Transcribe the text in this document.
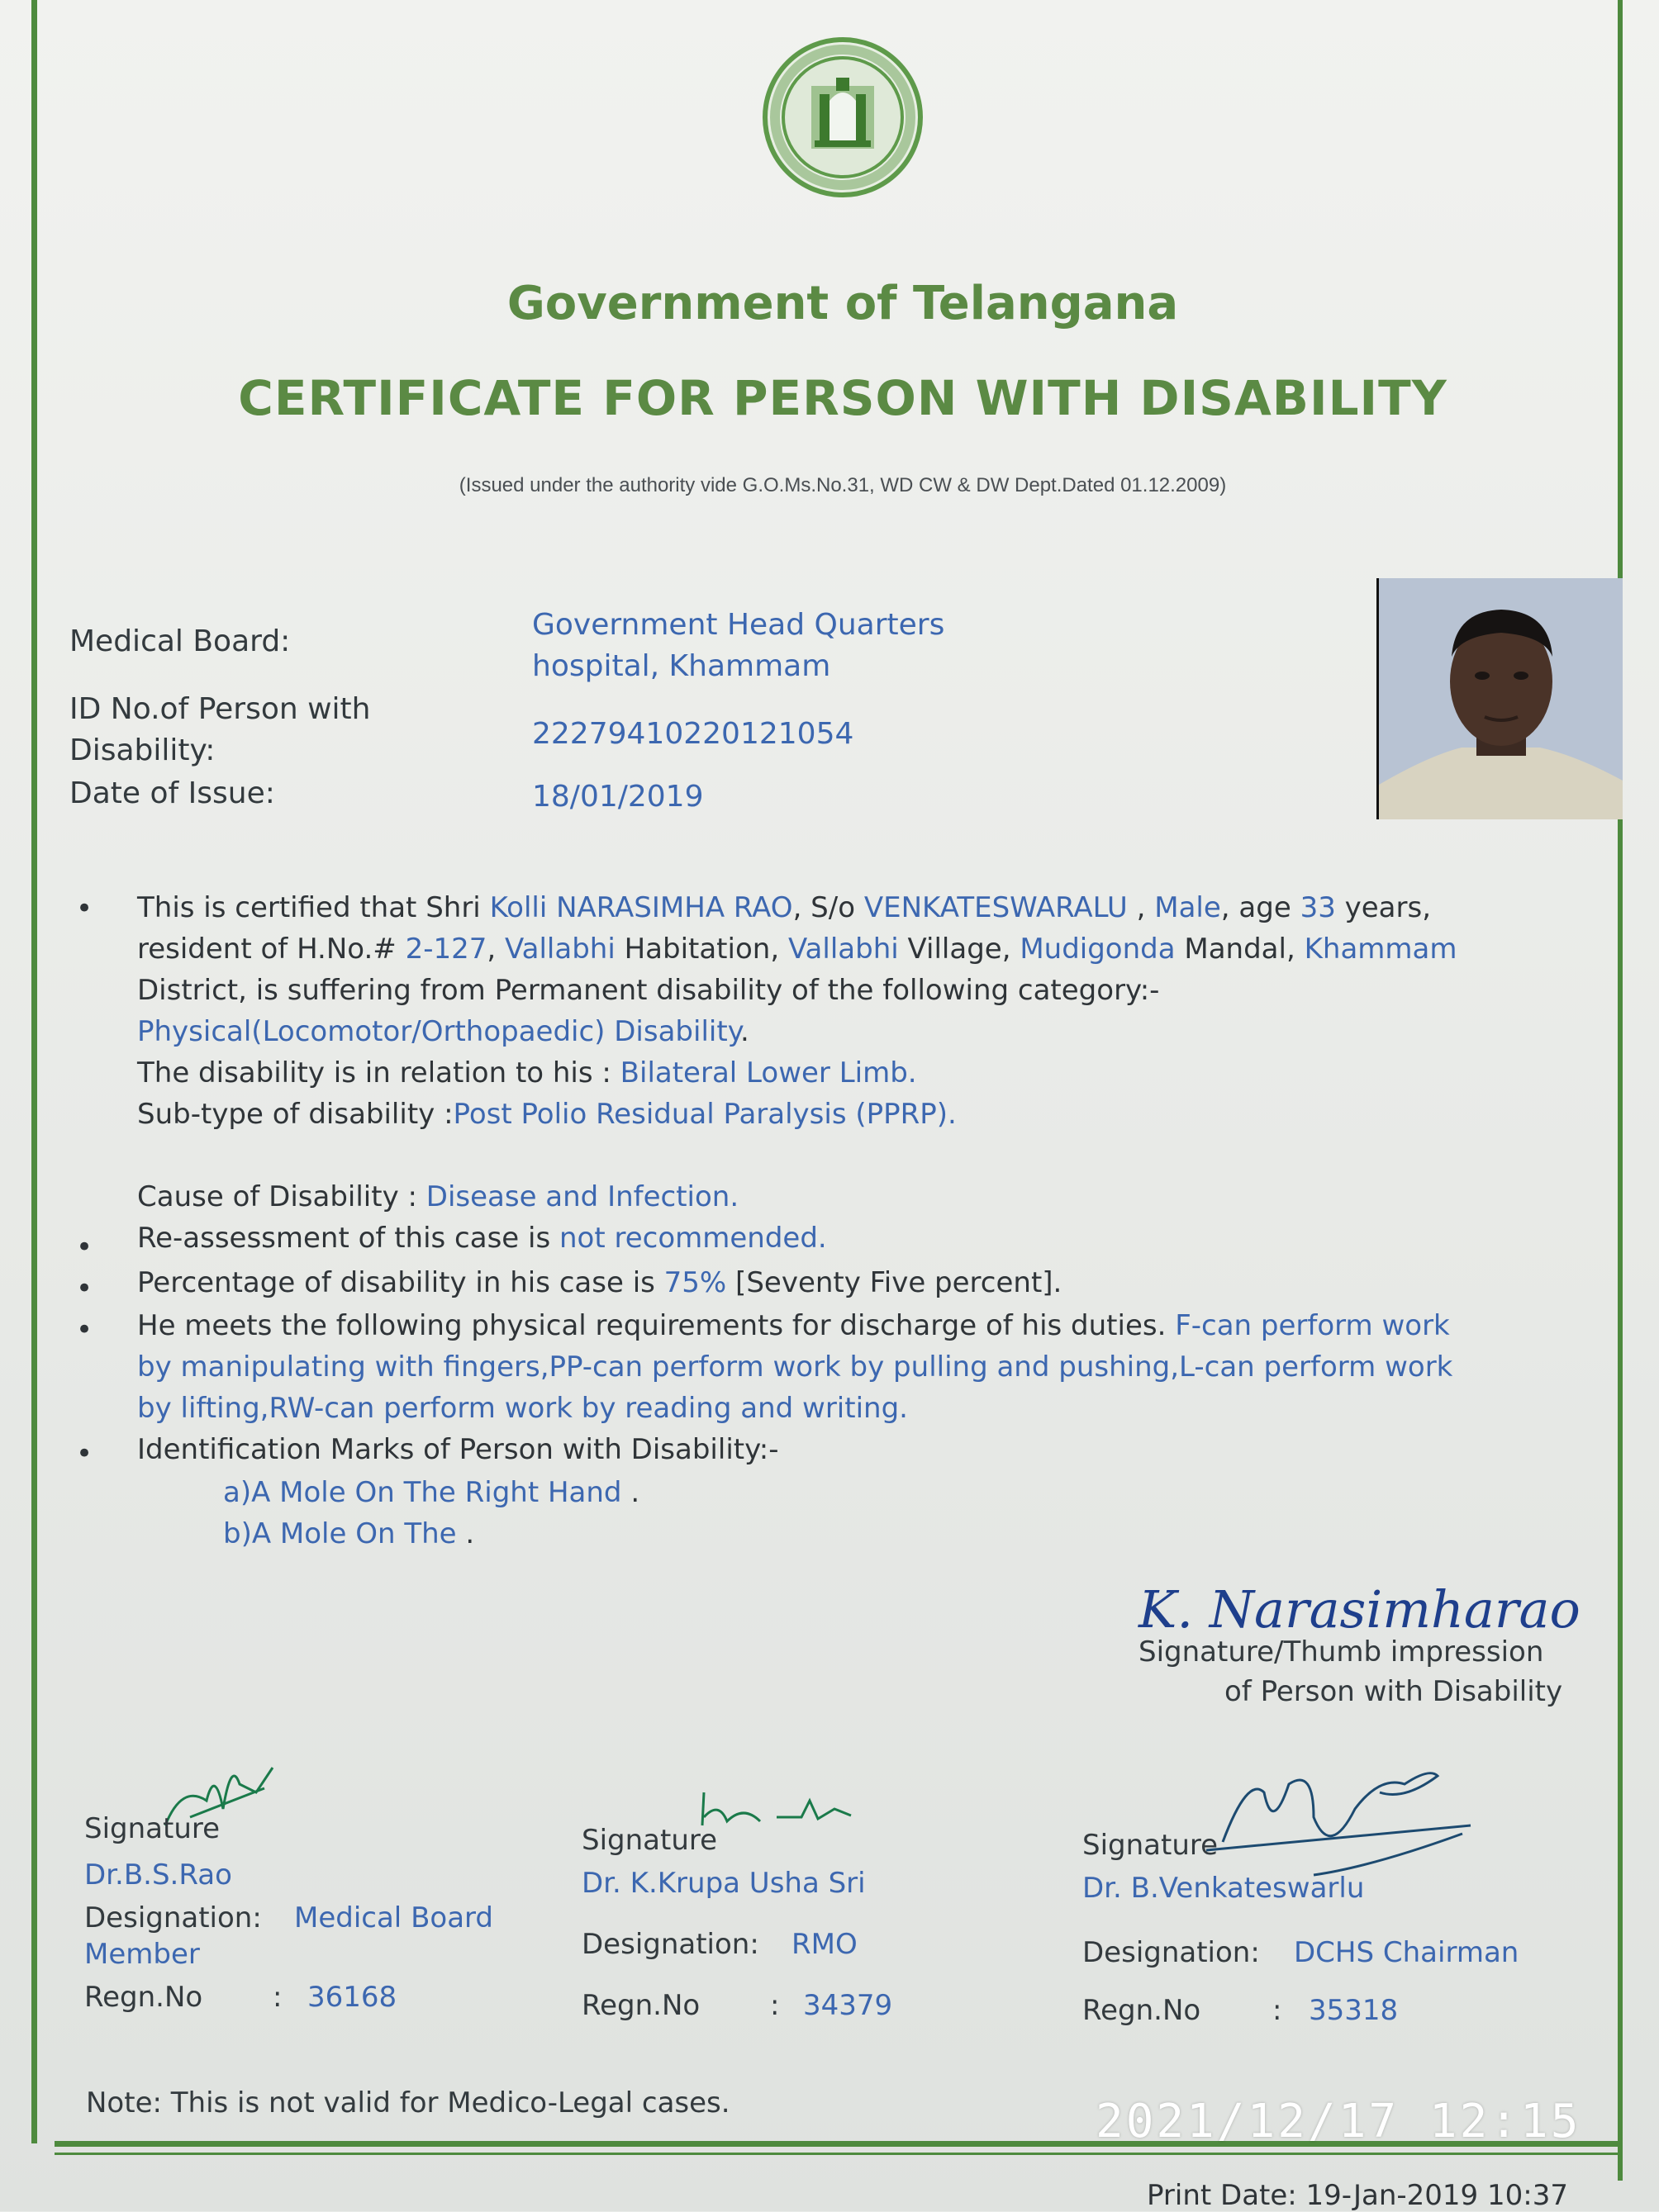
Government of Telangana
CERTIFICATE FOR PERSON WITH DISABILITY
(Issued under the authority vide G.O.Ms.No.31, WD CW & DW Dept.Dated 01.12.2009)
Medical Board:	Government Head Quarters
hospital, Khammam
ID No.of Person with
Disability:	22279410220121054
Date of Issue:	18/01/2019
•
•
•
•
•
This is certified that Shri Kolli NARASIMHA RAO, S/o VENKATESWARALU , Male, age 33 years,
resident of H.No.# 2-127, Vallabhi Habitation, Vallabhi Village, Mudigonda Mandal, Khammam
District, is suffering from Permanent disability of the following category:-
Physical(Locomotor/Orthopaedic) Disability.
The disability is in relation to his : Bilateral Lower Limb.
Sub-type of disability :Post Polio Residual Paralysis (PPRP).
Cause of Disability : Disease and Infection.
Re-assessment of this case is not recommended.
Percentage of disability in his case is 75% [Seventy Five percent].
He meets the following physical requirements for discharge of his duties. F-can perform work
by manipulating with fingers,PP-can perform work by pulling and pushing,L-can perform work
by lifting,RW-can perform work by reading and writing.
Identification Marks of Person with Disability:-
a)A Mole On The Right Hand .
b)A Mole On The .
K. Narasimharao
Signature/Thumb impression
of Person with Disability
Signature
Dr.B.S.Rao
Designation: Medical Board
Member
Regn.No : 36168
Signature
Dr. K.Krupa Usha Sri
Designation: RMO
Regn.No : 34379
Signature
Dr. B.Venkateswarlu
Designation: DCHS Chairman
Regn.No	: 35318
Note: This is not valid for Medico-Legal cases.	2021/12/17 12:15
Print Date: 19-Jan-2019 10:37
